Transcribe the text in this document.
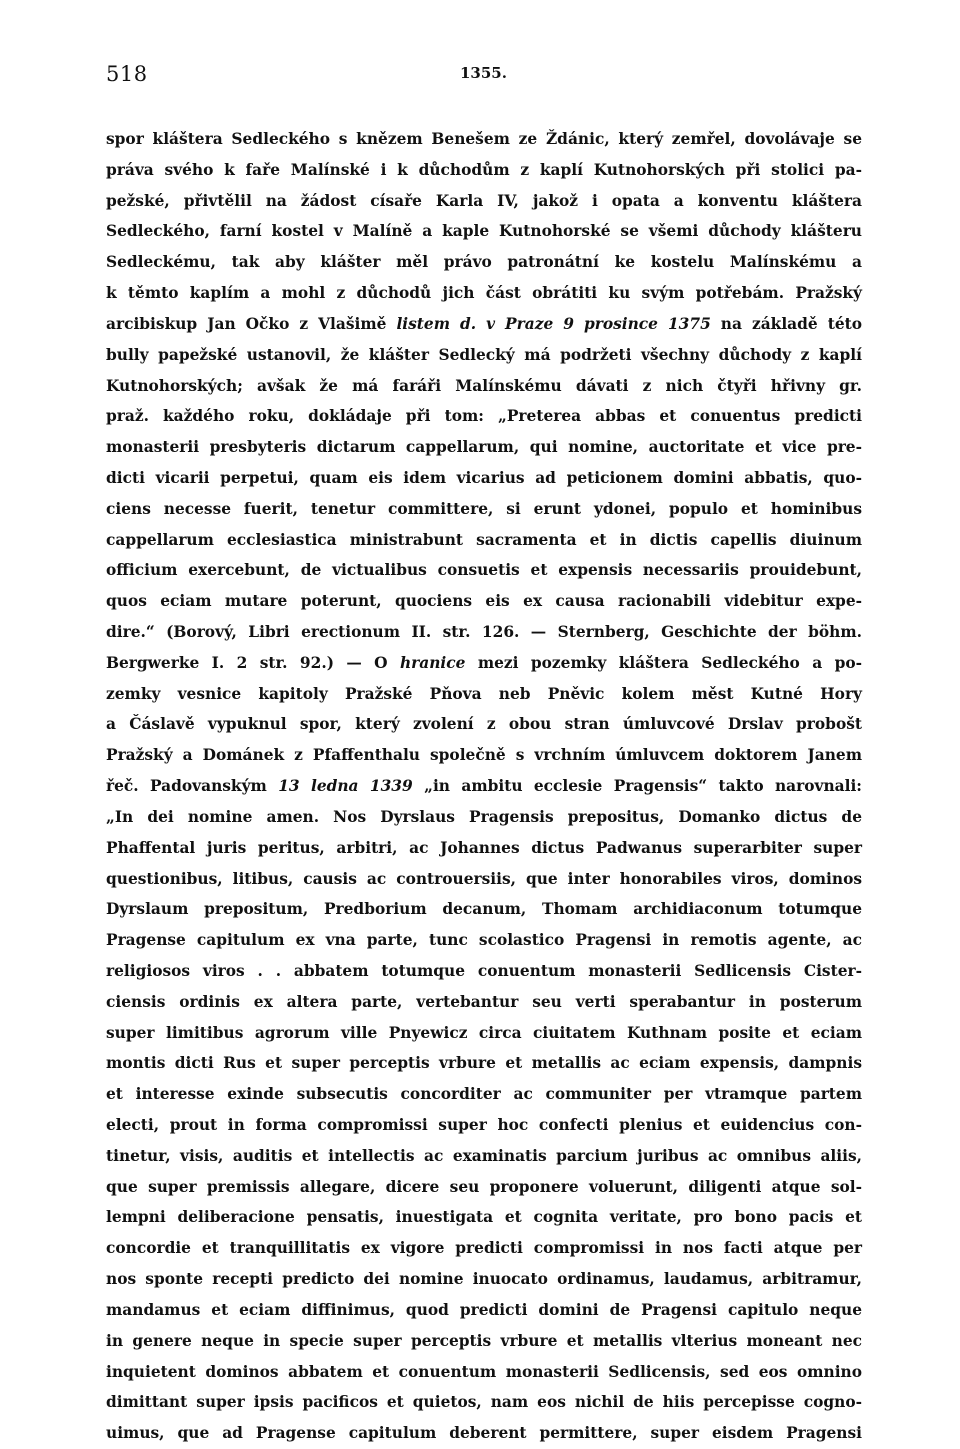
518	1355.
spor kláštera Sedleckého s knězem Benešem ze Ždánic, který zemřel, dovolávaje se
práva svého k faře Malínské i k důchodům z kaplí Kutnohorských při stolici pa-
pežské, přivtělil na žádost císaře Karla IV, jakož i opata a konventu kláštera
Sedleckého, farní kostel v Malíně a kaple Kutnohorské se všemi důchody klášteru
Sedleckému, tak aby klášter měl právo patronátní ke kostelu Malínskému a
k těmto kaplím a mohl z důchodů jich část obrátiti ku svým potřebám. Pražský
arcibiskup Jan Očko z Vlašimě listem d. v Praze 9 prosince 1375 na základě této
bully papežské ustanovil, že klášter Sedlecký má podržeti všechny důchody z kaplí
Kutnohorských; avšak že má faráři Malínskému dávati z nich čtyři hřivny gr.
praž. každého roku, dokládaje při tom: „Preterea abbas et conuentus predicti
monasterii presbyteris dictarum cappellarum, qui nomine, auctoritate et vice pre-
dicti vicarii perpetui, quam eis idem vicarius ad peticionem domini abbatis, quo-
ciens necesse fuerit, tenetur committere, si erunt ydonei, populo et hominibus
cappellarum ecclesiastica ministrabunt sacramenta et in dictis capellis diuinum
officium exercebunt, de victualibus consuetis et expensis necessariis prouidebunt,
quos eciam mutare poterunt, quociens eis ex causa racionabili videbitur expe-
dire.“ (Borový, Libri erectionum II. str. 126. — Sternberg, Geschichte der böhm.
Bergwerke I. 2 str. 92.) — O hranice mezi pozemky kláštera Sedleckého a po-
zemky vesnice kapitoly Pražské Pňova neb Pněvic kolem měst Kutné Hory
a Čáslavě vypuknul spor, který zvolení z obou stran úmluvcové Drslav probošt
Pražský a Dománek z Pfaffenthalu společně s vrchním úmluvcem doktorem Janem
řeč. Padovanským 13 ledna 1339 „in ambitu ecclesie Pragensis“ takto narovnali:
„In dei nomine amen. Nos Dyrslaus Pragensis prepositus, Domanko dictus de
Phaffental juris peritus, arbitri, ac Johannes dictus Padwanus superarbiter super
questionibus, litibus, causis ac controuersiis, que inter honorabiles viros, dominos
Dyrslaum prepositum, Predborium decanum, Thomam archidiaconum totumque
Pragense capitulum ex vna parte, tunc scolastico Pragensi in remotis agente, ac
religiosos viros . . abbatem totumque conuentum monasterii Sedlicensis Cister-
ciensis ordinis ex altera parte, vertebantur seu verti sperabantur in posterum
super limitibus agrorum ville Pnyewicz circa ciuitatem Kuthnam posite et eciam
montis dicti Rus et super perceptis vrbure et metallis ac eciam expensis, dampnis
et interesse exinde subsecutis concorditer ac communiter per vtramque partem
electi, prout in forma compromissi super hoc confecti plenius et euidencius con-
tinetur, visis, auditis et intellectis ac examinatis parcium juribus ac omnibus aliis,
que super premissis allegare, dicere seu proponere voluerunt, diligenti atque sol-
lempni deliberacione pensatis, inuestigata et cognita veritate, pro bono pacis et
concordie et tranquillitatis ex vigore predicti compromissi in nos facti atque per
nos sponte recepti predicto dei nomine inuocato ordinamus, laudamus, arbitramur,
mandamus et eciam diffinimus, quod predicti domini de Pragensi capitulo neque
in genere neque in specie super perceptis vrbure et metallis vlterius moneant nec
inquietent dominos abbatem et conuentum monasterii Sedlicensis, sed eos omnino
dimittant super ipsis pacificos et quietos, nam eos nichil de hiis percepisse cogno-
uimus, que ad Pragense capitulum deberent permittere, super eisdem Pragensi
